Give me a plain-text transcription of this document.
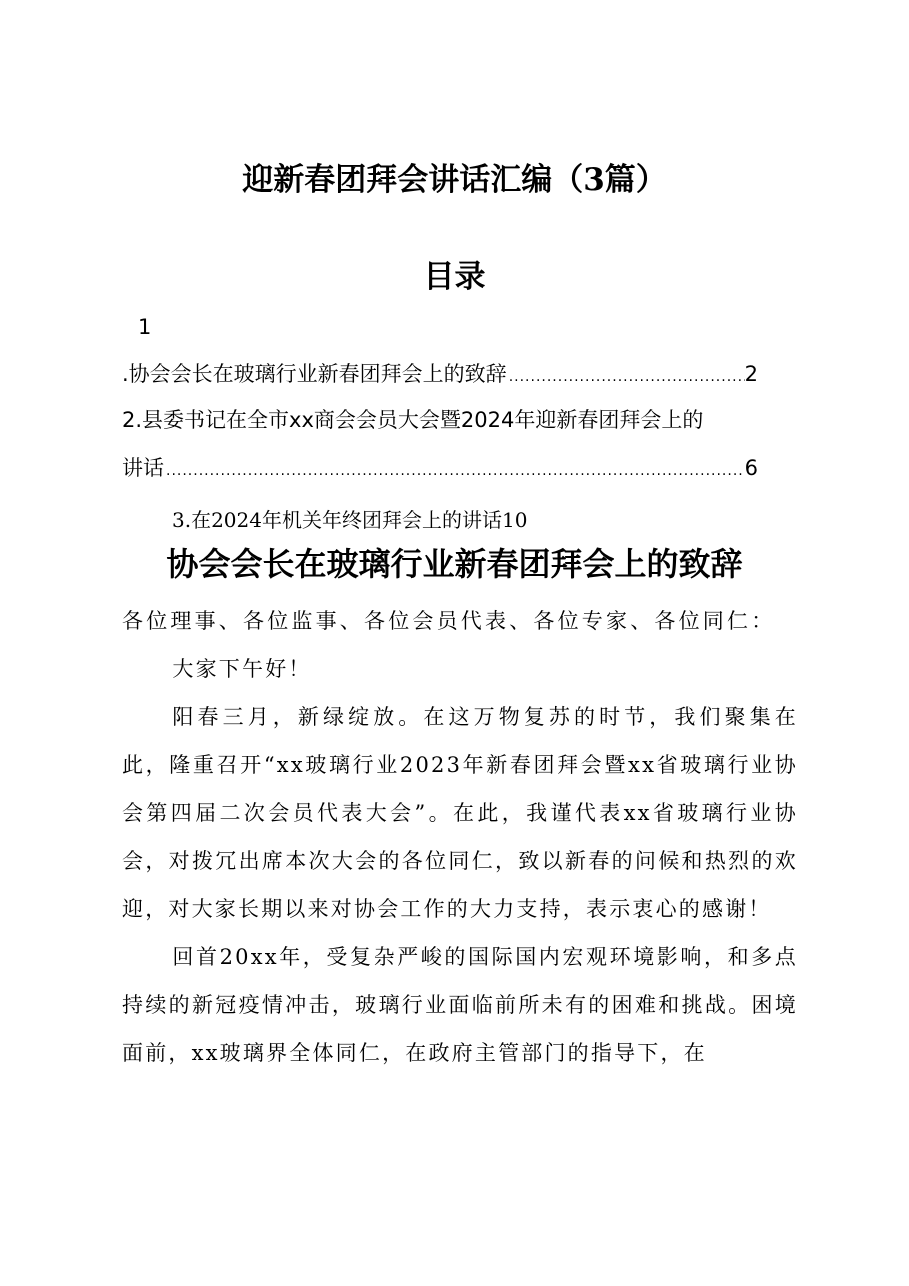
迎新春团拜会讲话汇编（3篇）
目录
1
.协会会长在玻璃行业新春团拜会上的致辞 .....	2
2.县委书记在全市xx商会会员大会暨2024年迎新春团拜会上的
讲话 .....	6
3.在2024年机关年终团拜会上的讲话10
协会会长在玻璃行业新春团拜会上的致辞

各位理事、各位监事、各位会员代表、各位专家、各位同仁：

大家下午好！

阳春三月，新绿绽放。在这万物复苏的时节，我们聚集在此，隆重召开“xx玻璃行业2023年新春团拜会暨xx省玻璃行业协会第四届二次会员代表大会”。在此，我谨代表xx省玻璃行业协会，对拨冗出席本次大会的各位同仁，致以新春的问候和热烈的欢迎，对大家长期以来对协会工作的大力支持，表示衷心的感谢！

回首20xx年，受复杂严峻的国际国内宏观环境影响，和多点持续的新冠疫情冲击，玻璃行业面临前所未有的困难和挑战。困境面前，xx玻璃界全体同仁，在政府主管部门的指导下，在
